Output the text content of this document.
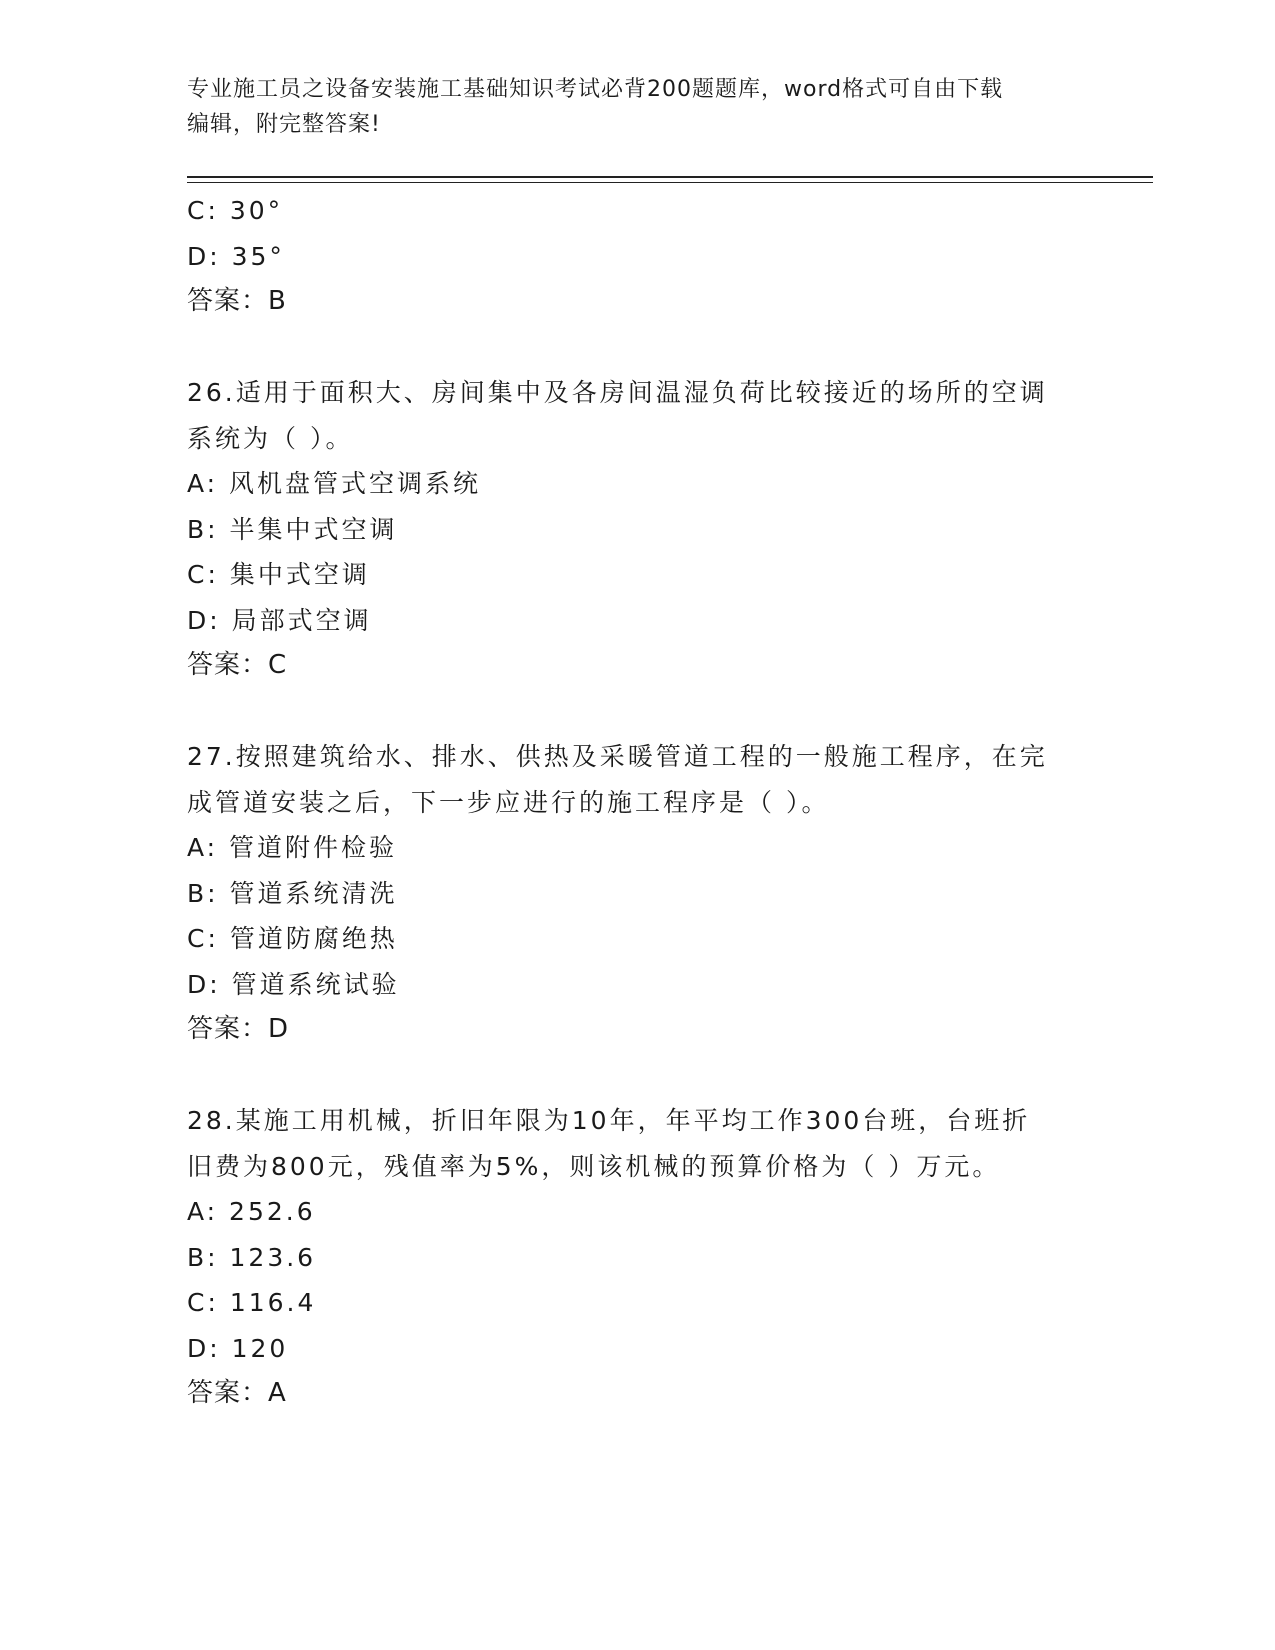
专业施工员之设备安装施工基础知识考试必背200题题库，word格式可自由下载
编辑，附完整答案!
C: 30°
D: 35°
答案：B
26.适用于面积大、房间集中及各房间温湿负荷比较接近的场所的空调
系统为（ ）。
A: 风机盘管式空调系统
B: 半集中式空调
C: 集中式空调
D: 局部式空调
答案：C
27.按照建筑给水、排水、供热及采暖管道工程的一般施工程序，在完
成管道安装之后，下一步应进行的施工程序是（ ）。
A: 管道附件检验
B: 管道系统清洗
C: 管道防腐绝热
D: 管道系统试验
答案：D
28.某施工用机械，折旧年限为10年，年平均工作300台班，台班折
旧费为800元，残值率为5%，则该机械的预算价格为（ ）万元。
A: 252.6
B: 123.6
C: 116.4
D: 120
答案：A
